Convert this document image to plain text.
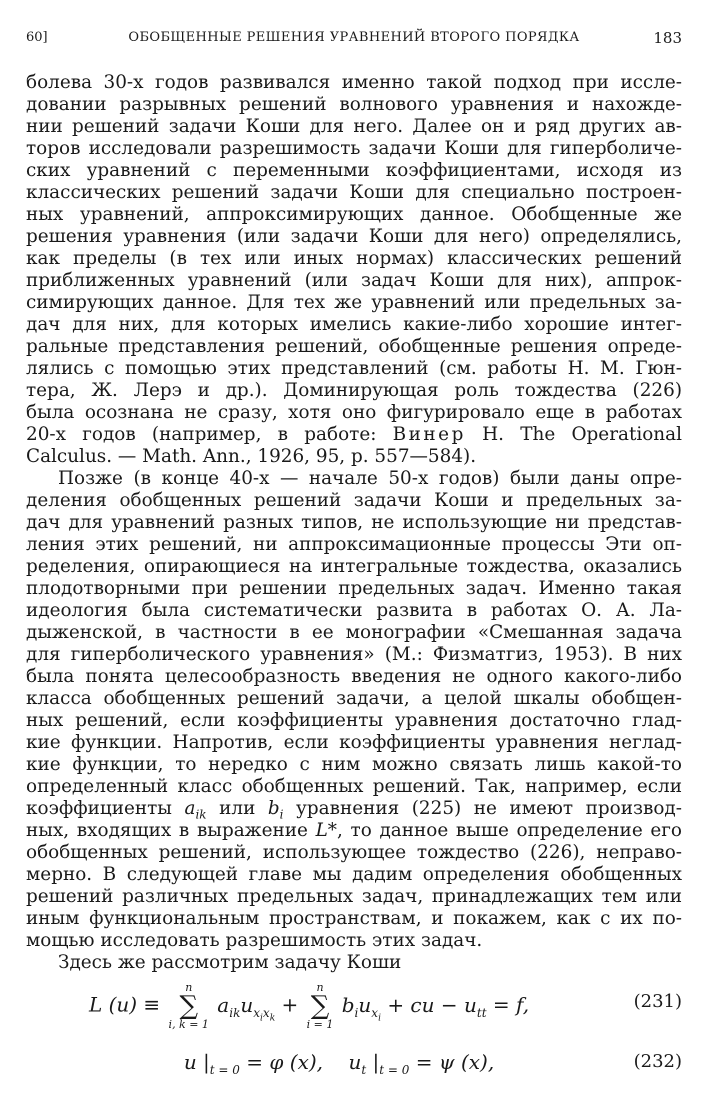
60]	ОБОБЩЕННЫЕ РЕШЕНИЯ УРАВНЕНИЙ ВТОРОГО ПОРЯДКА	183
болева 30-х годов развивался именно такой подход при иссле-
довании разрывных решений волнового уравнения и нахожде-
нии решений задачи Коши для него. Далее он и ряд других ав-
торов исследовали разрешимость задачи Коши для гиперболиче-
ских уравнений с переменными коэффициентами, исходя из
классических решений задачи Коши для специально построен-
ных уравнений, аппроксимирующих данное. Обобщенные же
решения уравнения (или задачи Коши для него) определялись,
как пределы (в тех или иных нормах) классических решений
приближенных уравнений (или задач Коши для них), аппрок-
симирующих данное. Для тех же уравнений или предельных за-
дач для них, для которых имелись какие-либо хорошие интег-
ральные представления решений, обобщенные решения опреде-
лялись с помощью этих представлений (см. работы Н. М. Гюн-
тера, Ж. Лерэ и др.). Доминирующая роль тождества (226)
была осознана не сразу, хотя оно фигурировало еще в работах
20-х годов (например, в работе: Винер Н. The Operational
Calculus. — Math. Ann., 1926, 95, p. 557—584).
Позже (в конце 40-х — начале 50-х годов) были даны опре-
деления обобщенных решений задачи Коши и предельных за-
дач для уравнений разных типов, не использующие ни представ-
ления этих решений, ни аппроксимационные процессы Эти оп-
ределения, опирающиеся на интегральные тождества, оказались
плодотворными при решении предельных задач. Именно такая
идеология была систематически развита в работах О. А. Ла-
дыженской, в частности в ее монографии «Смешанная задача
для гиперболического уравнения» (М.: Физматгиз, 1953). В них
была понята целесообразность введения не одного какого-либо
класса обобщенных решений задачи, а целой шкалы обобщен-
ных решений, если коэффициенты уравнения достаточно глад-
кие функции. Напротив, если коэффициенты уравнения неглад-
кие функции, то нередко с ним можно связать лишь какой-то
определенный класс обобщенных решений. Так, например, если
коэффициенты $a_{ik}$ или $b_i$ уравнения (225) не имеют производ-
ных, входящих в выражение L*, то данное выше определение его
обобщенных решений, использующее тождество (226), неправо-
мерно. В следующей главе мы дадим определения обобщенных
решений различных предельных задач, принадлежащих тем или
иным функциональным пространствам, и покажем, как с их по-
мощью исследовать разрешимость этих задач.
Здесь же рассмотрим задачу Коши
L (u) ≡
n
∑
i, k = 1
$a_{ik}u_{x_ix_k}$ +
n
∑
i = 1
$b_iu_{x_i}$ + cu − $u_{tt} = f$,	(231)
u $|_{t = 0} = \varphi$ (x), $u_t$ $|_{t = 0} = \psi$ (x),	(232)
